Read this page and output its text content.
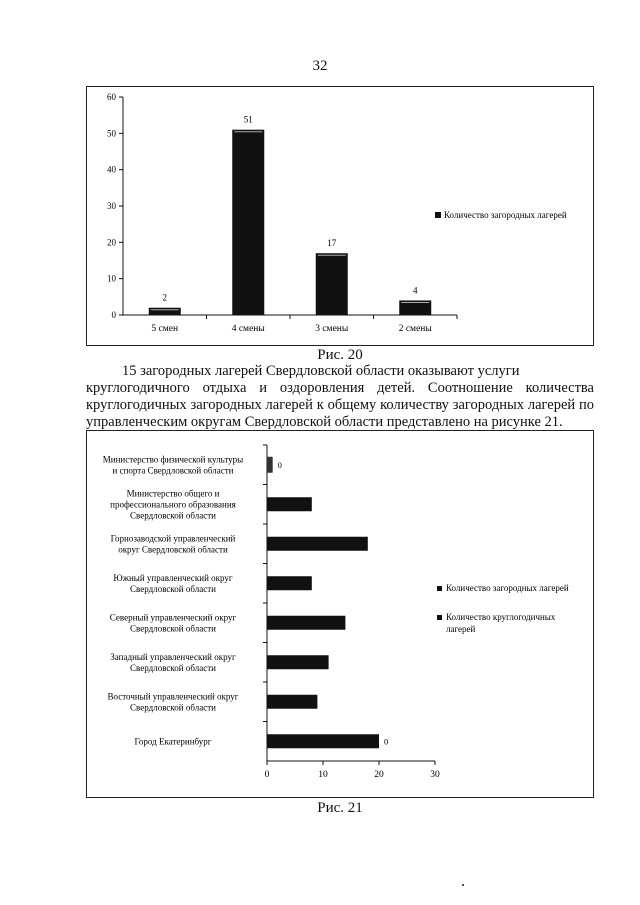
32
0
10
20
30
40
50
60
2
5 смен
51
4 смены
17
3 смены
4
2 смены
Количество загородных лагерей
Рис. 20
15 загородных лагерей Свердловской области оказывают услуги
круглогодичного отдыха и оздоровления детей. Соотношение количества круглогодичных загородных лагерей к общему количеству загородных лагерей по управленческим округам Свердловской области представлено на рисунке 21.
0	10	20	30
Министерство физической культуры
и спорта Свердловской области
0
Министерство общего и
профессионального образования
Свердловской области
Горнозаводской управленческий
округ Свердловской области
Южный управленческий округ
Свердловской области
Северный управленческий округ
Свердловской области
Западный управленческий округ
Свердловской области
Восточный управленческий округ
Свердловской области
Город Екатеринбург	0
Количество загородных лагерей
Количество круглогодичных
лагерей
Рис. 21
